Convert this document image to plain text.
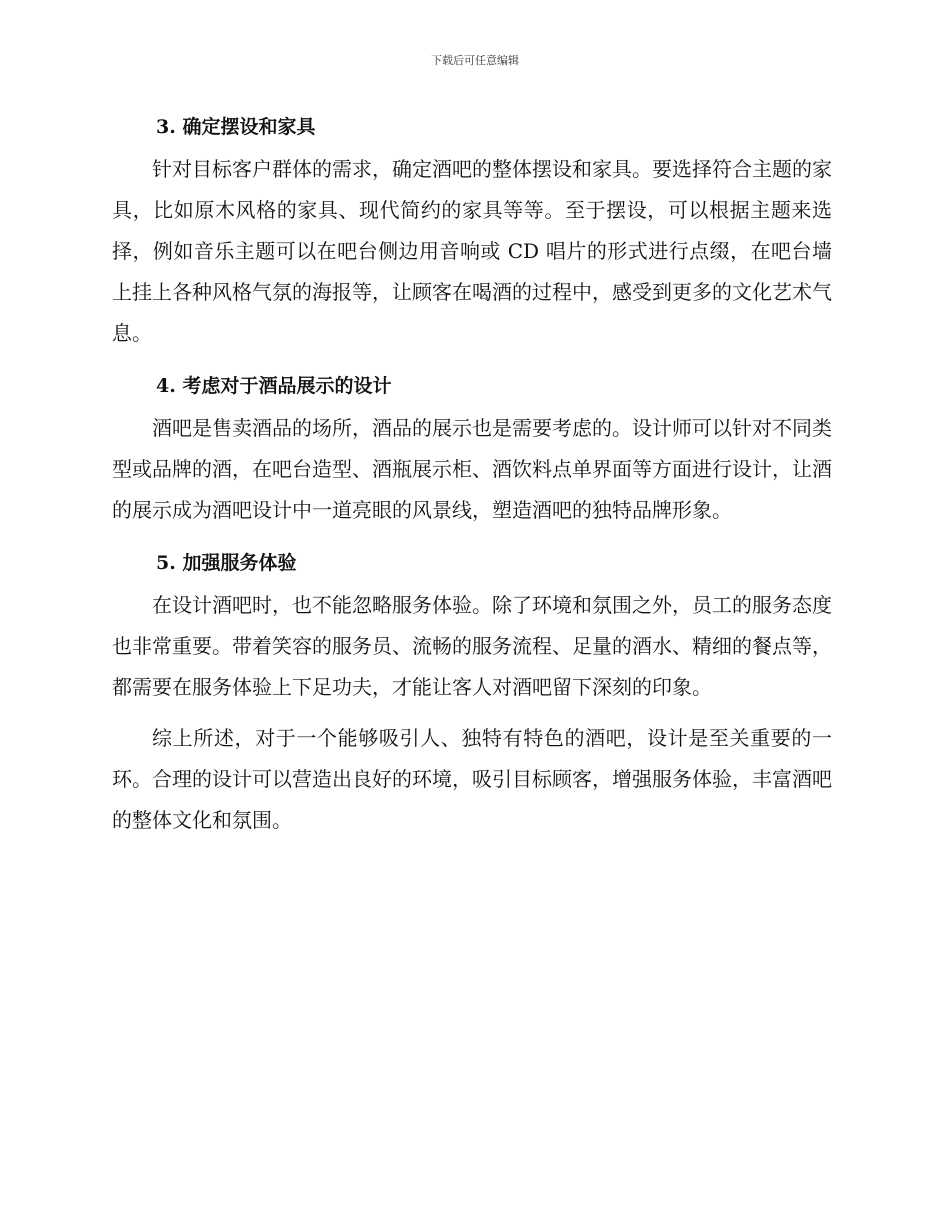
下载后可任意编辑
3. 确定摆设和家具

针对目标客户群体的需求，确定酒吧的整体摆设和家具。要选择符合主题的家具，比如原木风格的家具、现代简约的家具等等。至于摆设，可以根据主题来选择，例如音乐主题可以在吧台侧边用音响或 CD 唱片的形式进行点缀，在吧台墙上挂上各种风格气氛的海报等，让顾客在喝酒的过程中，感受到更多的文化艺术气息。

4. 考虑对于酒品展示的设计

酒吧是售卖酒品的场所，酒品的展示也是需要考虑的。设计师可以针对不同类型或品牌的酒，在吧台造型、酒瓶展示柜、酒饮料点单界面等方面进行设计，让酒的展示成为酒吧设计中一道亮眼的风景线，塑造酒吧的独特品牌形象。

5. 加强服务体验

在设计酒吧时，也不能忽略服务体验。除了环境和氛围之外，员工的服务态度也非常重要。带着笑容的服务员、流畅的服务流程、足量的酒水、精细的餐点等，都需要在服务体验上下足功夫，才能让客人对酒吧留下深刻的印象。

综上所述，对于一个能够吸引人、独特有特色的酒吧，设计是至关重要的一环。合理的设计可以营造出良好的环境，吸引目标顾客，增强服务体验，丰富酒吧的整体文化和氛围。
